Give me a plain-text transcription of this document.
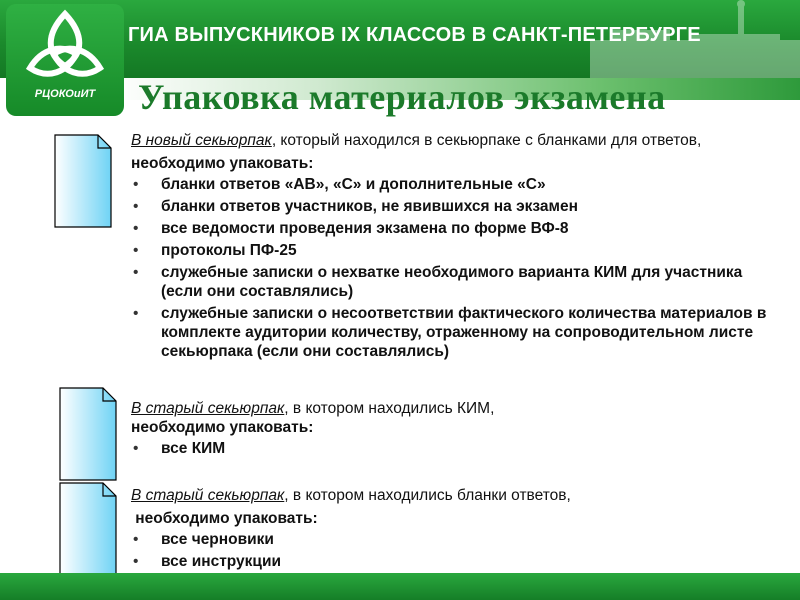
ГИА ВЫПУСКНИКОВ IX КЛАССОВ В САНКТ-ПЕТЕРБУРГЕ
РЦОКОиИТ	Упаковка материалов экзамена

В новый секьюрпак, который находился в секьюрпаке с бланками для ответов,

необходимо упаковать:

• бланки ответов «АВ», «С» и дополнительные «С»
• бланки ответов участников, не явившихся на экзамен
• все ведомости проведения экзамена по форме ВФ-8
• протоколы ПФ-25
• служебные записки о нехватке необходимого варианта КИМ для участника (если они составлялись)
• служебные записки о несоответствии фактического количества материалов в комплекте аудитории количеству, отраженному на сопроводительном листе секьюрпака (если они составлялись)

В старый секьюрпак, в котором находились КИМ,

необходимо упаковать:

• все КИМ

В старый секьюрпак, в котором находились бланки ответов,

необходимо упаковать:

• все черновики
• все инструкции
